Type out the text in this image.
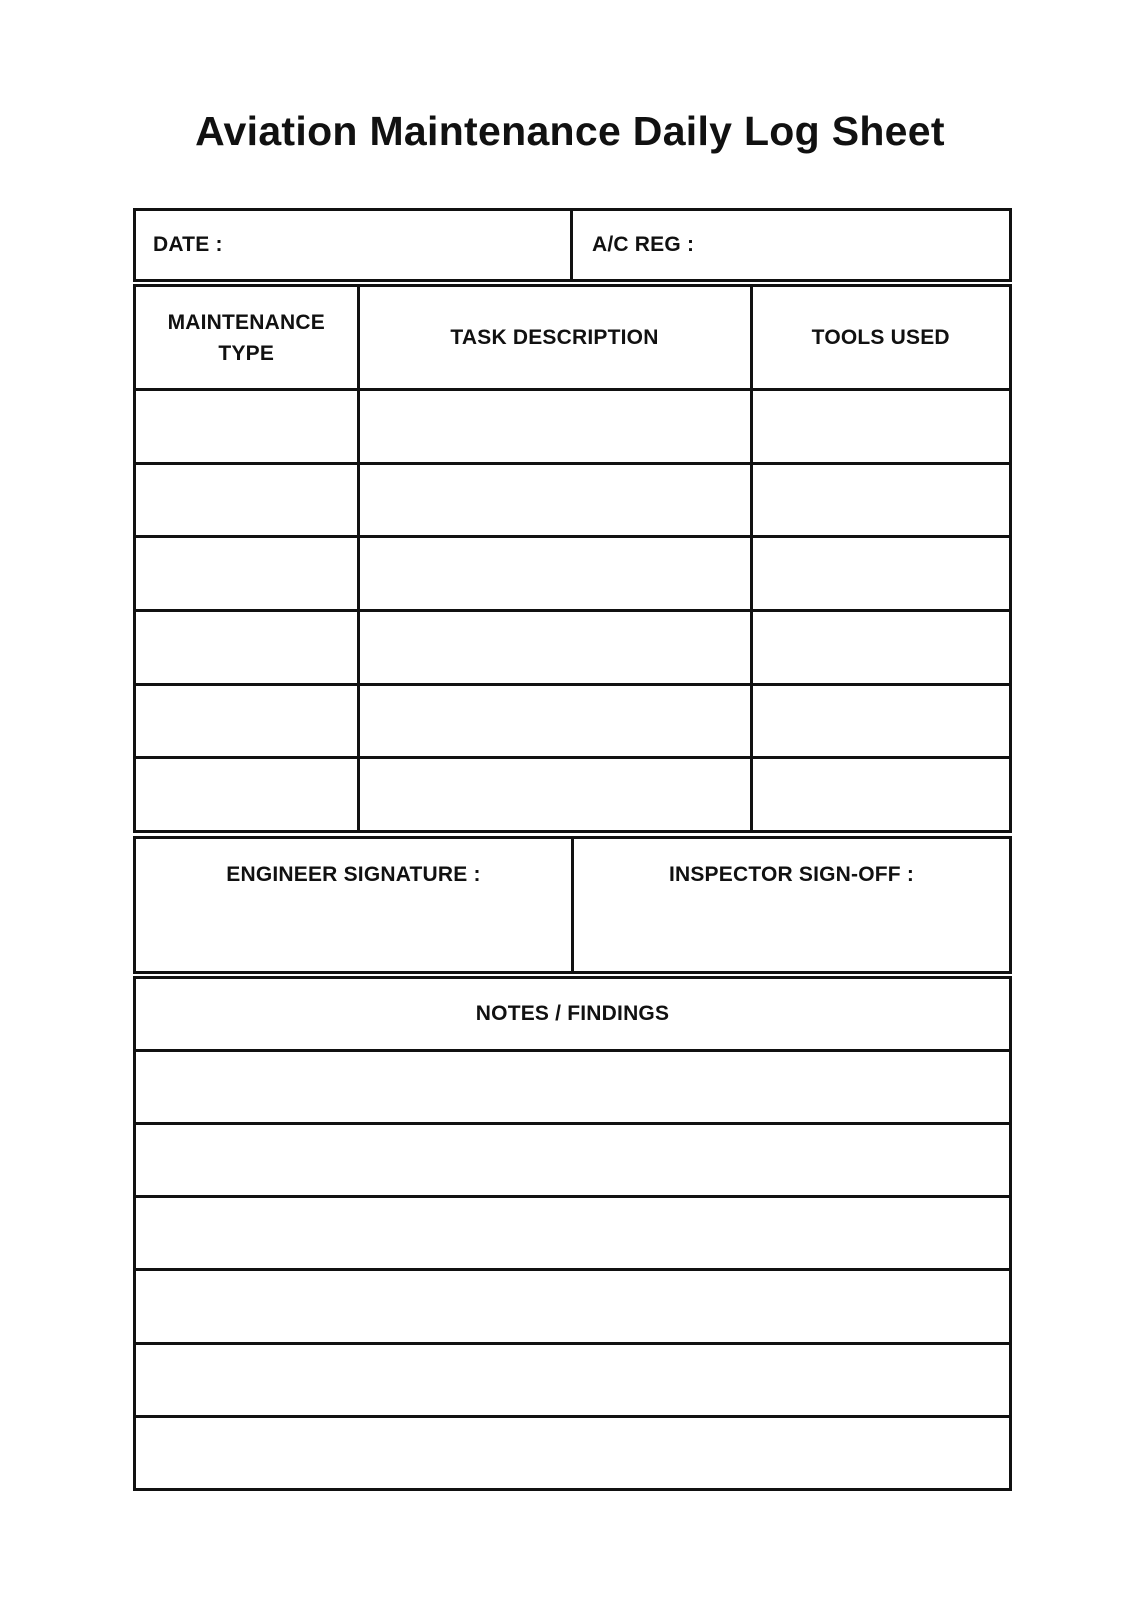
Aviation Maintenance Daily Log Sheet
DATE :	A/C REG :
MAINTENANCE
TYPE	TASK DESCRIPTION	TOOLS USED

ENGINEER SIGNATURE :	INSPECTOR SIGN-OFF :
NOTES / FINDINGS
